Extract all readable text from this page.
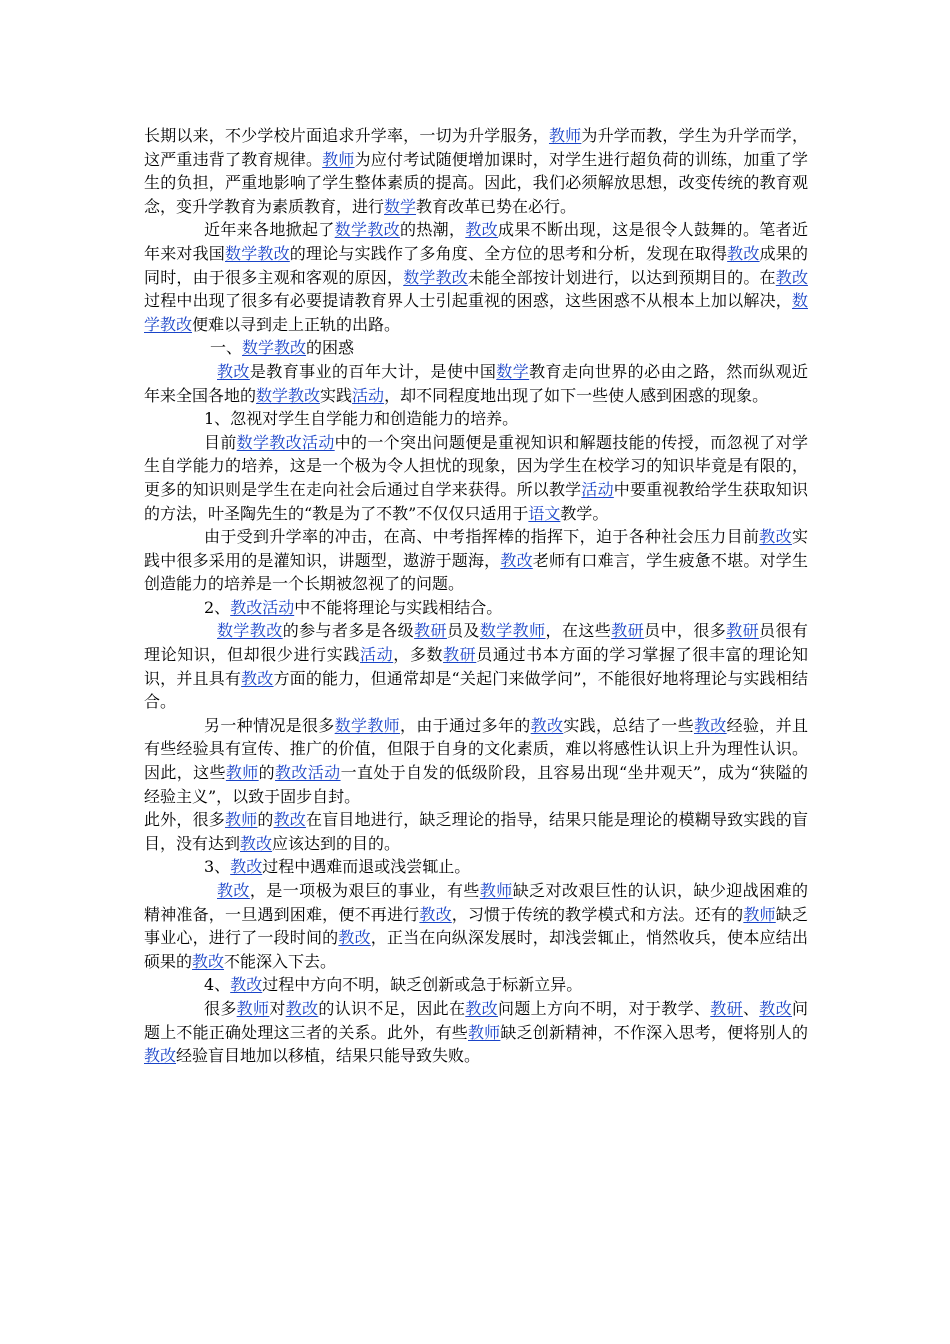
长期以来，不少学校片面追求升学率，一切为升学服务，教师为升学而教，学生为升学而学，这严重违背了教育规律。教师为应付考试随便增加课时，对学生进行超负荷的训练，加重了学生的负担，严重地影响了学生整体素质的提高。因此，我们必须解放思想，改变传统的教育观念，变升学教育为素质教育，进行数学教育改革已势在必行。

近年来各地掀起了数学教改的热潮，教改成果不断出现，这是很令人鼓舞的。笔者近年来对我国数学教改的理论与实践作了多角度、全方位的思考和分析，发现在取得教改成果的同时，由于很多主观和客观的原因，数学教改未能全部按计划进行，以达到预期目的。在教改过程中出现了很多有必要提请教育界人士引起重视的困惑，这些困惑不从根本上加以解决，数学教改便难以寻到走上正轨的出路。

一、数学教改的困惑

教改是教育事业的百年大计，是使中国数学教育走向世界的必由之路，然而纵观近年来全国各地的数学教改实践活动，却不同程度地出现了如下一些使人感到困惑的现象。

1、忽视对学生自学能力和创造能力的培养。

目前数学教改活动中的一个突出问题便是重视知识和解题技能的传授，而忽视了对学生自学能力的培养，这是一个极为令人担忧的现象，因为学生在校学习的知识毕竟是有限的，更多的知识则是学生在走向社会后通过自学来获得。所以教学活动中要重视教给学生获取知识的方法，叶圣陶先生的“教是为了不教”不仅仅只适用于语文教学。

由于受到升学率的冲击，在高、中考指挥棒的指挥下，迫于各种社会压力目前教改实践中很多采用的是灌知识，讲题型，遨游于题海，教改老师有口难言，学生疲惫不堪。对学生创造能力的培养是一个长期被忽视了的问题。

2、教改活动中不能将理论与实践相结合。

数学教改的参与者多是各级教研员及数学教师，在这些教研员中，很多教研员很有理论知识，但却很少进行实践活动，多数教研员通过书本方面的学习掌握了很丰富的理论知识，并且具有教改方面的能力，但通常却是“关起门来做学问”，不能很好地将理论与实践相结合。

另一种情况是很多数学教师，由于通过多年的教改实践，总结了一些教改经验，并且有些经验具有宣传、推广的价值，但限于自身的文化素质，难以将感性认识上升为理性认识。因此，这些教师的教改活动一直处于自发的低级阶段，且容易出现“坐井观天”，成为“狭隘的经验主义”，以致于固步自封。

此外，很多教师的教改在盲目地进行，缺乏理论的指导，结果只能是理论的模糊导致实践的盲目，没有达到教改应该达到的目的。

3、教改过程中遇难而退或浅尝辄止。

教改，是一项极为艰巨的事业，有些教师缺乏对改艰巨性的认识，缺少迎战困难的精神准备，一旦遇到困难，便不再进行教改，习惯于传统的教学模式和方法。还有的教师缺乏事业心，进行了一段时间的教改，正当在向纵深发展时，却浅尝辄止，悄然收兵，使本应结出硕果的教改不能深入下去。

4、教改过程中方向不明，缺乏创新或急于标新立异。

很多教师对教改的认识不足，因此在教改问题上方向不明，对于教学、教研、教改问题上不能正确处理这三者的关系。此外，有些教师缺乏创新精神，不作深入思考，便将别人的教改经验盲目地加以移植，结果只能导致失败。
